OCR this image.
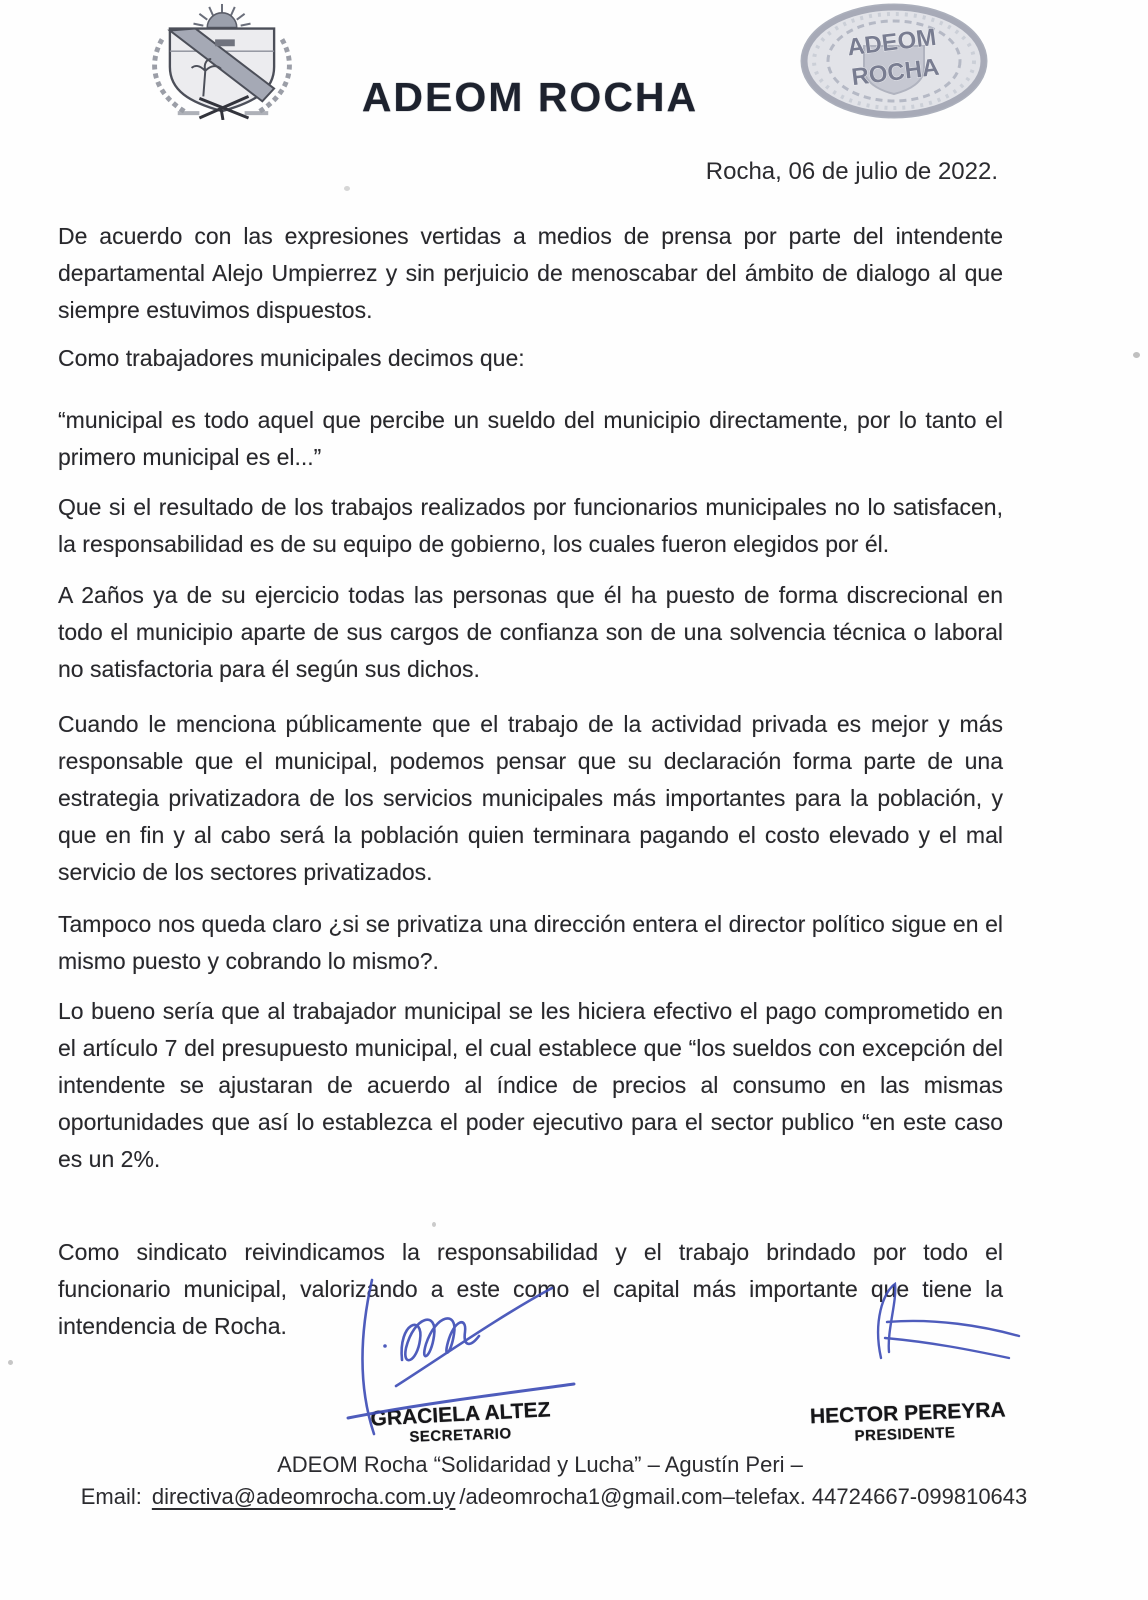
ADEOM ROCHA
ADEOM
ROCHA
Rocha, 06 de julio de 2022.

De acuerdo con las expresiones vertidas a medios de prensa por parte del intendente departamental Alejo Umpierrez y sin perjuicio de menoscabar del ámbito de dialogo al que siempre estuvimos dispuestos.

Como trabajadores municipales decimos que:

“municipal es todo aquel que percibe un sueldo del municipio directamente, por lo tanto el primero municipal es el...”

Que si el resultado de los trabajos realizados por funcionarios municipales no lo satisfacen, la responsabilidad es de su equipo de gobierno, los cuales fueron elegidos por él.

A 2años ya de su ejercicio todas las personas que él ha puesto de forma discrecional en todo el municipio aparte de sus cargos de confianza son de una solvencia técnica o laboral no satisfactoria para él según sus dichos.

Cuando le menciona públicamente que el trabajo de la actividad privada es mejor y más responsable que el municipal, podemos pensar que su declaración forma parte de una estrategia privatizadora de los servicios municipales más importantes para la población, y que en fin y al cabo será la población quien terminara pagando el costo elevado y el mal servicio de los sectores privatizados.

Tampoco nos queda claro ¿si se privatiza una dirección entera el director político sigue en el mismo puesto y cobrando lo mismo?.

Lo bueno sería que al trabajador municipal se les hiciera efectivo el pago comprometido en el artículo 7 del presupuesto municipal, el cual establece que “los sueldos con excepción del intendente se ajustaran de acuerdo al índice de precios al consumo en las mismas oportunidades que así lo establezca el poder ejecutivo para el sector publico “en este caso es un 2%.

Como sindicato reivindicamos la responsabilidad y el trabajo brindado por todo el funcionario municipal, valorizando a este como el capital más importante que tiene la intendencia de Rocha.

GRACIELA ALTEZ
SECRETARIO
HECTOR PEREYRA
PRESIDENTE
ADEOM Rocha “Solidaridad y Lucha” – Agustín Peri –
Email: directiva@adeomrocha.com.uy /adeomrocha1@gmail.com–telefax. 44724667-099810643
